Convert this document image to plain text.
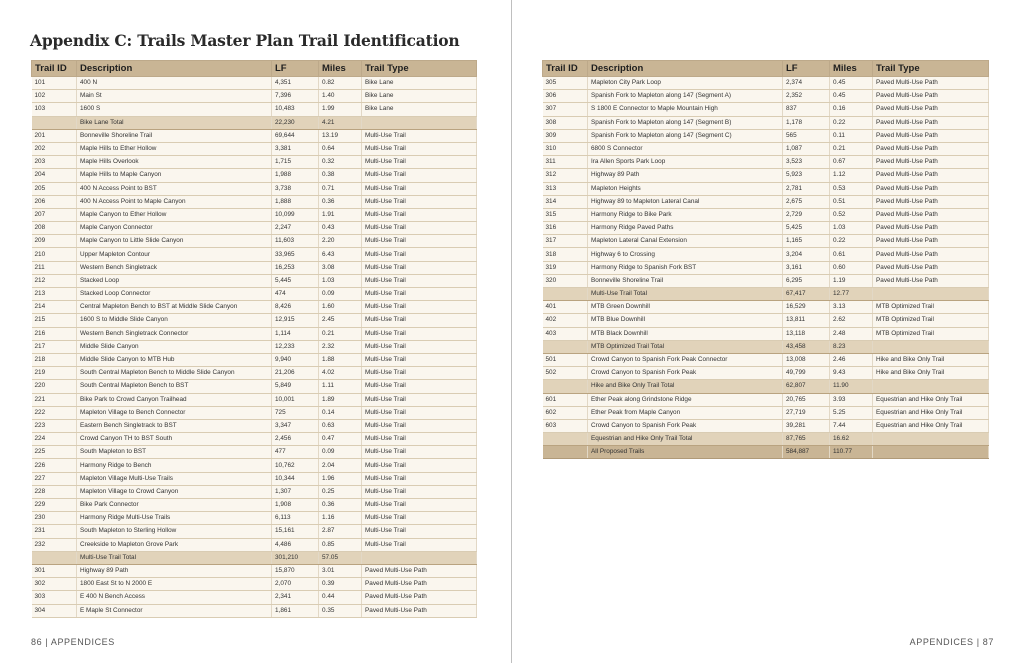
Appendix C: Trails Master Plan Trail Identification
Trail ID	Description	LF	Miles	Trail Type
101	400 N	4,351	0.82	Bike Lane
102	Main St	7,396	1.40	Bike Lane
103	1600 S	10,483	1.99	Bike Lane
	Bike Lane Total	22,230	4.21	
201	Bonneville Shoreline Trail	69,644	13.19	Multi-Use Trail
202	Maple Hills to Ether Hollow	3,381	0.64	Multi-Use Trail
203	Maple Hills Overlook	1,715	0.32	Multi-Use Trail
204	Maple Hills to Maple Canyon	1,988	0.38	Multi-Use Trail
205	400 N Access Point to BST	3,738	0.71	Multi-Use Trail
206	400 N Access Point to Maple Canyon	1,888	0.36	Multi-Use Trail
207	Maple Canyon to Ether Hollow	10,099	1.91	Multi-Use Trail
208	Maple Canyon Connector	2,247	0.43	Multi-Use Trail
209	Maple Canyon to Little Slide Canyon	11,603	2.20	Multi-Use Trail
210	Upper Mapleton Contour	33,965	6.43	Multi-Use Trail
211	Western Bench Singletrack	16,253	3.08	Multi-Use Trail
212	Stacked Loop	5,445	1.03	Multi-Use Trail
213	Stacked Loop Connector	474	0.09	Multi-Use Trail
214	Central Mapleton Bench to BST at Middle Slide Canyon	8,426	1.60	Multi-Use Trail
215	1600 S to Middle Slide Canyon	12,915	2.45	Multi-Use Trail
216	Western Bench Singletrack Connector	1,114	0.21	Multi-Use Trail
217	Middle Slide Canyon	12,233	2.32	Multi-Use Trail
218	Middle Slide Canyon to MTB Hub	9,940	1.88	Multi-Use Trail
219	South Central Mapleton Bench to Middle Slide Canyon	21,206	4.02	Multi-Use Trail
220	South Central Mapleton Bench to BST	5,849	1.11	Multi-Use Trail
221	Bike Park to Crowd Canyon Trailhead	10,001	1.89	Multi-Use Trail
222	Mapleton Village to Bench Connector	725	0.14	Multi-Use Trail
223	Eastern Bench Singletrack to BST	3,347	0.63	Multi-Use Trail
224	Crowd Canyon TH to BST South	2,456	0.47	Multi-Use Trail
225	South Mapleton to BST	477	0.09	Multi-Use Trail
226	Harmony Ridge to Bench	10,762	2.04	Multi-Use Trail
227	Mapleton Village Multi-Use Trails	10,344	1.96	Multi-Use Trail
228	Mapleton Village to Crowd Canyon	1,307	0.25	Multi-Use Trail
229	Bike Park Connector	1,908	0.36	Multi-Use Trail
230	Harmony Ridge Multi-Use Trails	6,113	1.16	Multi-Use Trail
231	South Mapleton to Sterling Hollow	15,161	2.87	Multi-Use Trail
232	Creekside to Mapleton Grove Park	4,486	0.85	Multi-Use Trail
	Multi-Use Trail Total	301,210	57.05	
301	Highway 89 Path	15,870	3.01	Paved Multi-Use Path
302	1800 East St to N 2000 E	2,070	0.39	Paved Multi-Use Path
303	E 400 N Bench Access	2,341	0.44	Paved Multi-Use Path
304	E Maple St Connector	1,861	0.35	Paved Multi-Use Path
Trail ID	Description	LF	Miles	Trail Type
305	Mapleton City Park Loop	2,374	0.45	Paved Multi-Use Path
306	Spanish Fork to Mapleton along 147 (Segment A)	2,352	0.45	Paved Multi-Use Path
307	S 1800 E Connector to Maple Mountain High	837	0.16	Paved Multi-Use Path
308	Spanish Fork to Mapleton along 147 (Segment B)	1,178	0.22	Paved Multi-Use Path
309	Spanish Fork to Mapleton along 147 (Segment C)	565	0.11	Paved Multi-Use Path
310	6800 S Connector	1,087	0.21	Paved Multi-Use Path
311	Ira Allen Sports Park Loop	3,523	0.67	Paved Multi-Use Path
312	Highway 89 Path	5,923	1.12	Paved Multi-Use Path
313	Mapleton Heights	2,781	0.53	Paved Multi-Use Path
314	Highway 89 to Mapleton Lateral Canal	2,675	0.51	Paved Multi-Use Path
315	Harmony Ridge to Bike Park	2,729	0.52	Paved Multi-Use Path
316	Harmony Ridge Paved Paths	5,425	1.03	Paved Multi-Use Path
317	Mapleton Lateral Canal Extension	1,165	0.22	Paved Multi-Use Path
318	Highway 6 to Crossing	3,204	0.61	Paved Multi-Use Path
319	Harmony Ridge to Spanish Fork BST	3,161	0.60	Paved Multi-Use Path
320	Bonneville Shoreline Trail	6,295	1.19	Paved Multi-Use Path
	Multi-Use Trail Total	67,417	12.77	
401	MTB Green Downhill	16,529	3.13	MTB Optimized Trail
402	MTB Blue Downhill	13,811	2.62	MTB Optimized Trail
403	MTB Black Downhill	13,118	2.48	MTB Optimized Trail
	MTB Optimized Trail Total	43,458	8.23	
501	Crowd Canyon to Spanish Fork Peak Connector	13,008	2.46	Hike and Bike Only Trail
502	Crowd Canyon to Spanish Fork Peak	49,799	9.43	Hike and Bike Only Trail
	Hike and Bike Only Trail Total	62,807	11.90	
601	Ether Peak along Grindstone Ridge	20,765	3.93	Equestrian and Hike Only Trail
602	Ether Peak from Maple Canyon	27,719	5.25	Equestrian and Hike Only Trail
603	Crowd Canyon to Spanish Fork Peak	39,281	7.44	Equestrian and Hike Only Trail
	Equestrian and Hike Only Trail Total	87,765	16.62	
	All Proposed Trails	584,887	110.77	
86 | APPENDICES	APPENDICES | 87
